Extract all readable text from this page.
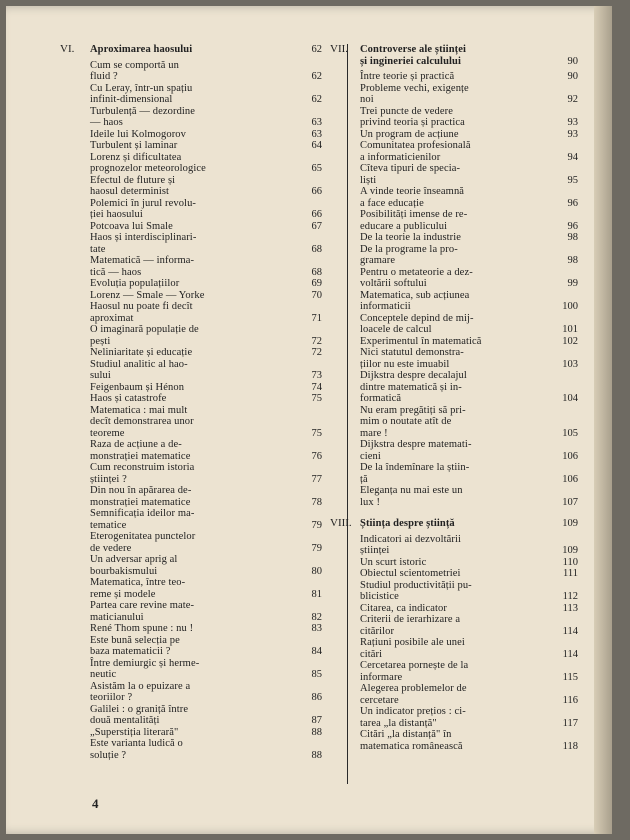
VI. Aproximarea haosului	62
Cum se comportă un
fluid ?	62
Cu Leray, într-un spațiu
infinit-dimensional	62
Turbulență — dezordine
— haos	63
Ideile lui Kolmogorov	63
Turbulent și laminar	64
Lorenz și dificultatea
prognozelor meteorologice	65
Efectul de fluture și
haosul determinist	66
Polemici în jurul revolu-
ției haosului	66
Potcoava lui Smale	67
Haos și interdisciplinari-
tate	68
Matematică — informa-
tică — haos	68
Evoluția populațiilor	69
Lorenz — Smale — Yorke	70
Haosul nu poate fi decît
aproximat	71
O imaginară populație de
pești	72
Neliniaritate și educație	72
Studiul analitic al hao-
sului	73
Feigenbaum și Hénon	74
Haos și catastrofe	75
Matematica : mai mult
decît demonstrarea unor
teoreme	75
Raza de acțiune a de-
monstrației matematice	76
Cum reconstruim istoria
științei ?	77
Din nou în apărarea de-
monstrației matematice	78
Semnificația ideilor ma-
tematice	79
Eterogenitatea punctelor
de vedere	79
Un adversar aprig al
bourbakismului	80
Matematica, între teo-
reme și modele	81
Partea care revine mate-
maticianului	82
René Thom spune : nu !	83
Este bună selecția pe
baza matematicii ?	84
Între demiurgic și herme-
neutic	85
Asistăm la o epuizare a
teoriilor ?	86
Galilei : o graniță între
două mentalități	87
„Superstiția literară"	88
Este varianta ludică o
soluție ?	88
VII. Controverse ale științei
și ingineriei calculului	90
Între teorie și practică	90
Probleme vechi, exigențe
noi	92
Trei puncte de vedere
privind teoria și practica	93
Un program de acțiune	93
Comunitatea profesională
a informaticienilor	94
Cîteva tipuri de specia-
liști	95
A vinde teorie înseamnă
a face educație	96
Posibilități imense de re-
educare a publicului	96
De la teorie la industrie	98
De la programe la pro-
gramare	98
Pentru o metateorie a dez-
voltării softului	99
Matematica, sub acțiunea
informaticii	100
Conceptele depind de mij-
loacele de calcul	101
Experimentul în matematică	102
Nici statutul demonstra-
țiilor nu este imuabil	103
Dijkstra despre decalajul
dintre matematică și in-
formatică	104
Nu eram pregătiți să pri-
mim o noutate atît de
mare !	105
Dijkstra despre matemati-
cieni	106
De la îndemînare la știin-
ță	106
Eleganța nu mai este un
lux !	107
VIII. Știința despre știință	109
Indicatori ai dezvoltării
științei	109
Un scurt istoric	110
Obiectul scientometriei	111
Studiul productivității pu-
blicistice	112
Citarea, ca indicator	113
Criterii de ierarhizare a
citărilor	114
Rațiuni posibile ale unei
citări	114
Cercetarea pornește de la
informare	115
Alegerea problemelor de
cercetare	116
Un indicator prețios : ci-
tarea „la distanță"	117
Citări „la distanță" în
matematica românească	118
4
